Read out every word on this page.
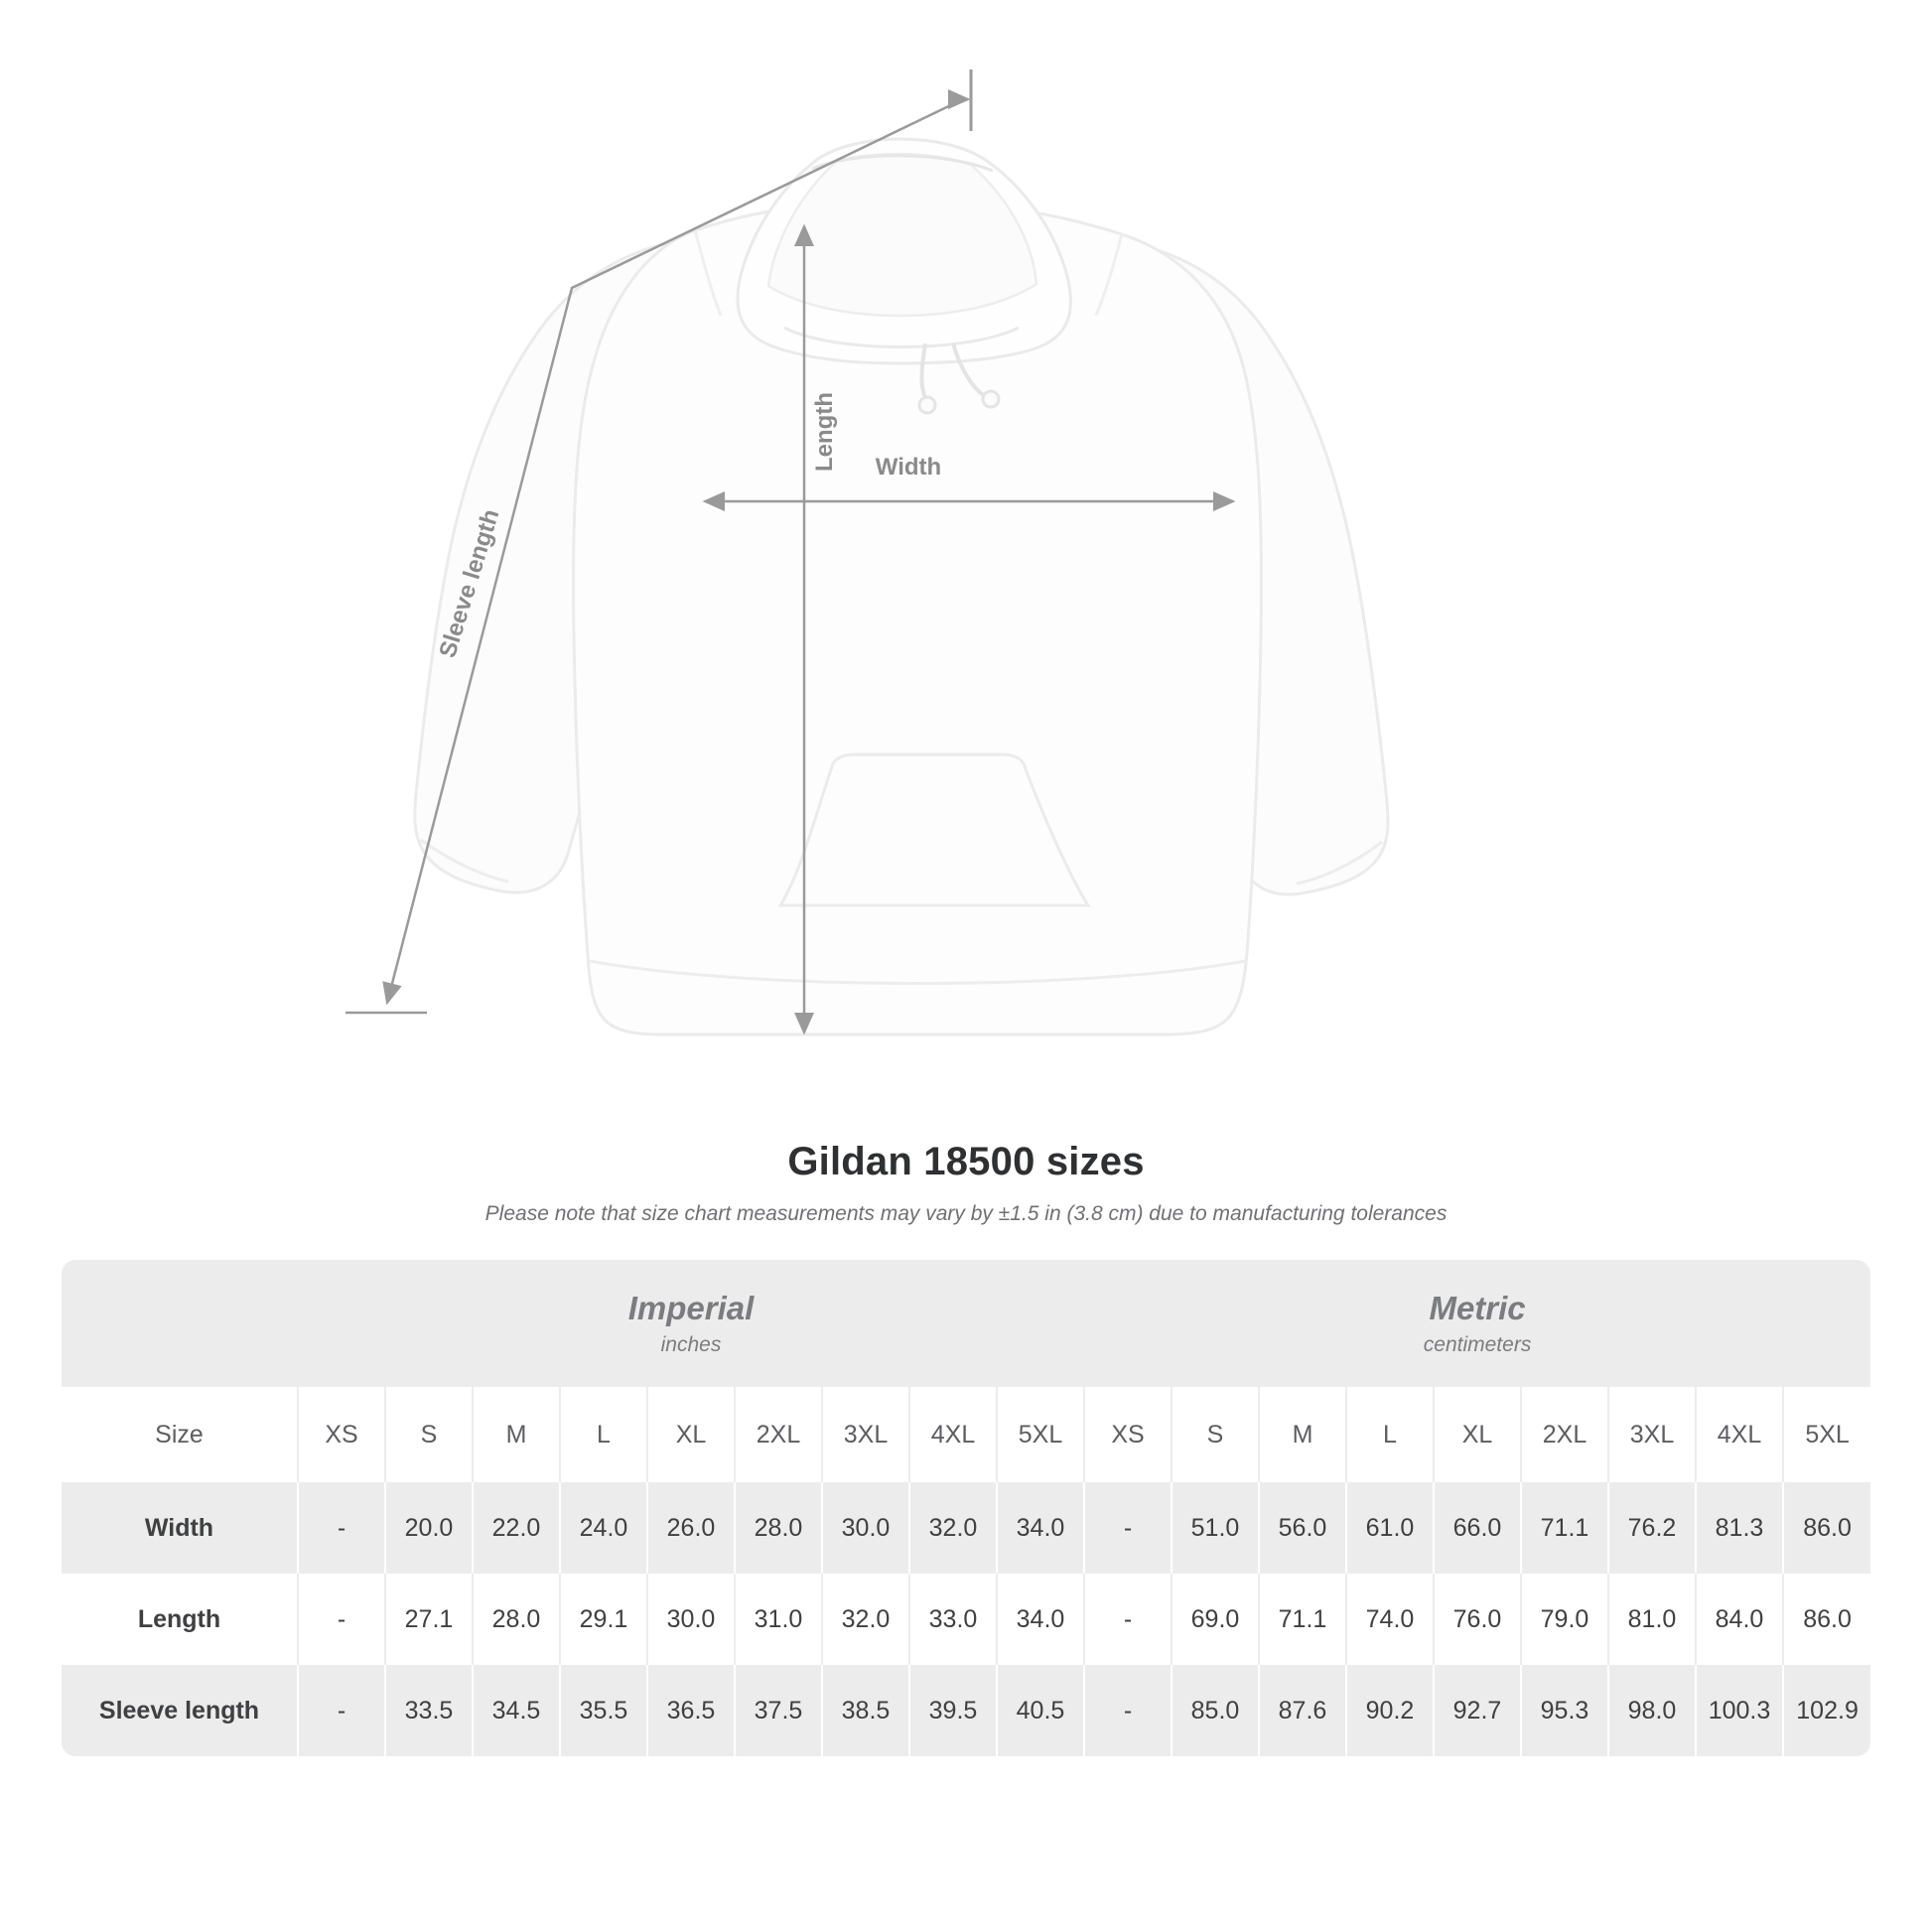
Length Width
Sleeve length
Gildan 18500 sizes

Please note that size chart measurements may vary by ±1.5 in (3.8 cm) due to manufacturing tolerances

Imperial
inches

Metric
centimeters

Size	XS	S	M	L	XL	2XL	3XL	4XL	5XL	XS	S	M	L	XL	2XL	3XL	4XL	5XL
Width	-	20.0	22.0	24.0	26.0	28.0	30.0	32.0	34.0	-	51.0	56.0	61.0	66.0	71.1	76.2	81.3	86.0
Length	-	27.1	28.0	29.1	30.0	31.0	32.0	33.0	34.0	-	69.0	71.1	74.0	76.0	79.0	81.0	84.0	86.0
Sleeve length	-	33.5	34.5	35.5	36.5	37.5	38.5	39.5	40.5	-	85.0	87.6	90.2	92.7	95.3	98.0	100.3	102.9
